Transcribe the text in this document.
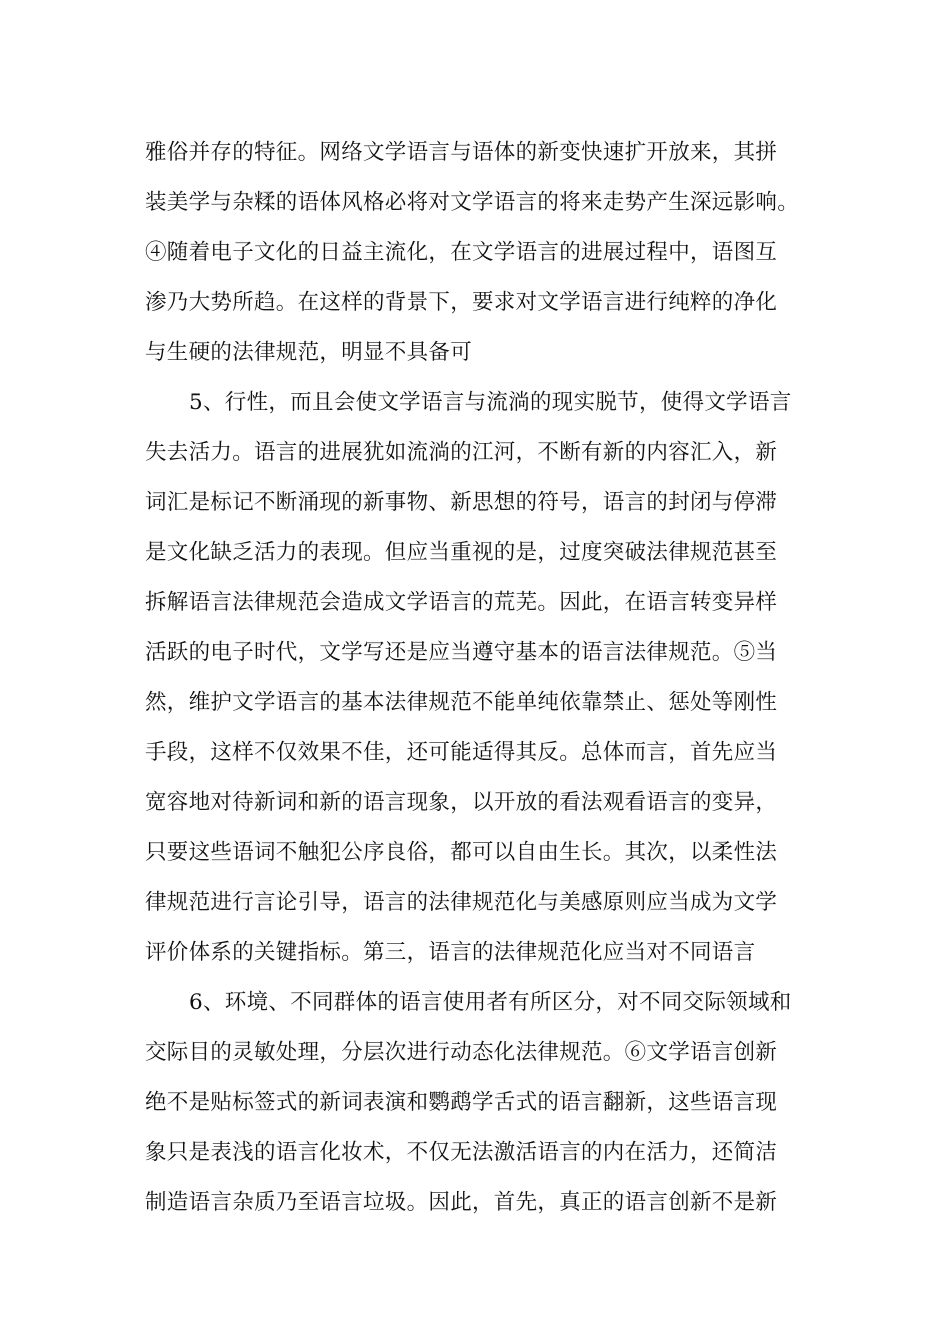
雅俗并存的特征。网络文学语言与语体的新变快速扩开放来，其拼
装美学与杂糅的语体风格必将对文学语言的将来走势产生深远影响。
④随着电子文化的日益主流化，在文学语言的进展过程中，语图互
渗乃大势所趋。在这样的背景下，要求对文学语言进行纯粹的净化
与生硬的法律规范，明显不具备可
5、行性，而且会使文学语言与流淌的现实脱节，使得文学语言
失去活力。语言的进展犹如流淌的江河，不断有新的内容汇入，新
词汇是标记不断涌现的新事物、新思想的符号，语言的封闭与停滞
是文化缺乏活力的表现。但应当重视的是，过度突破法律规范甚至
拆解语言法律规范会造成文学语言的荒芜。因此，在语言转变异样
活跃的电子时代，文学写还是应当遵守基本的语言法律规范。⑤当
然，维护文学语言的基本法律规范不能单纯依靠禁止、惩处等刚性
手段，这样不仅效果不佳，还可能适得其反。总体而言，首先应当
宽容地对待新词和新的语言现象，以开放的看法观看语言的变异，
只要这些语词不触犯公序良俗，都可以自由生长。其次，以柔性法
律规范进行言论引导，语言的法律规范化与美感原则应当成为文学
评价体系的关键指标。第三，语言的法律规范化应当对不同语言
6、环境、不同群体的语言使用者有所区分，对不同交际领域和
交际目的灵敏处理，分层次进行动态化法律规范。⑥文学语言创新
绝不是贴标签式的新词表演和鹦鹉学舌式的语言翻新，这些语言现
象只是表浅的语言化妆术，不仅无法激活语言的内在活力，还简洁
制造语言杂质乃至语言垃圾。因此，首先，真正的语言创新不是新
